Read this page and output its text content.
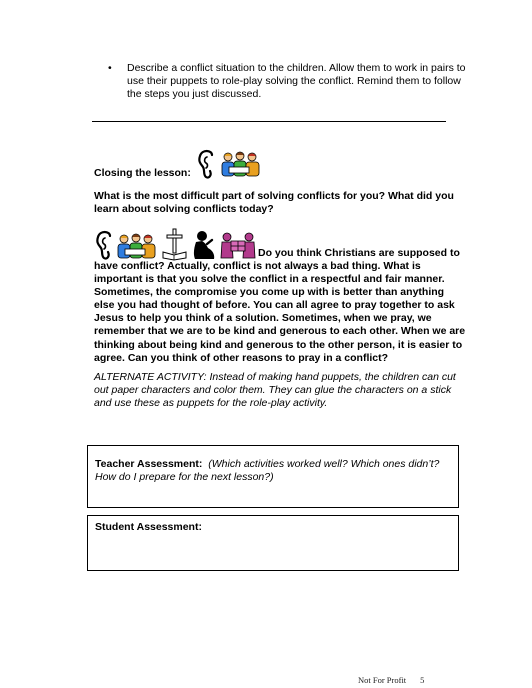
• Describe a conflict situation to the children. Allow them to work in pairs to use their puppets to role-play solving the conflict. Remind them to follow the steps you just discussed.
Closing the lesson:
What is the most difficult part of solving conflicts for you? What did you learn about solving conflicts today?
Do you think Christians are supposed to have conflict? Actually, conflict is not always a bad thing. What is important is that you solve the conflict in a respectful and fair manner. Sometimes, the compromise you come up with is better than anything else you had thought of before. You can all agree to pray together to ask Jesus to help you think of a solution. Sometimes, when we pray, we remember that we are to be kind and generous to each other. When we are thinking about being kind and generous to the other person, it is easier to agree. Can you think of other reasons to pray in a conflict?
ALTERNATE ACTIVITY: Instead of making hand puppets, the children can cut out paper characters and color them. They can glue the characters on a stick and use these as puppets for the role-play activity.
Teacher Assessment: (Which activities worked well? Which ones didn’t? How do I prepare for the next lesson?)
Student Assessment:
Not For Profit 5
